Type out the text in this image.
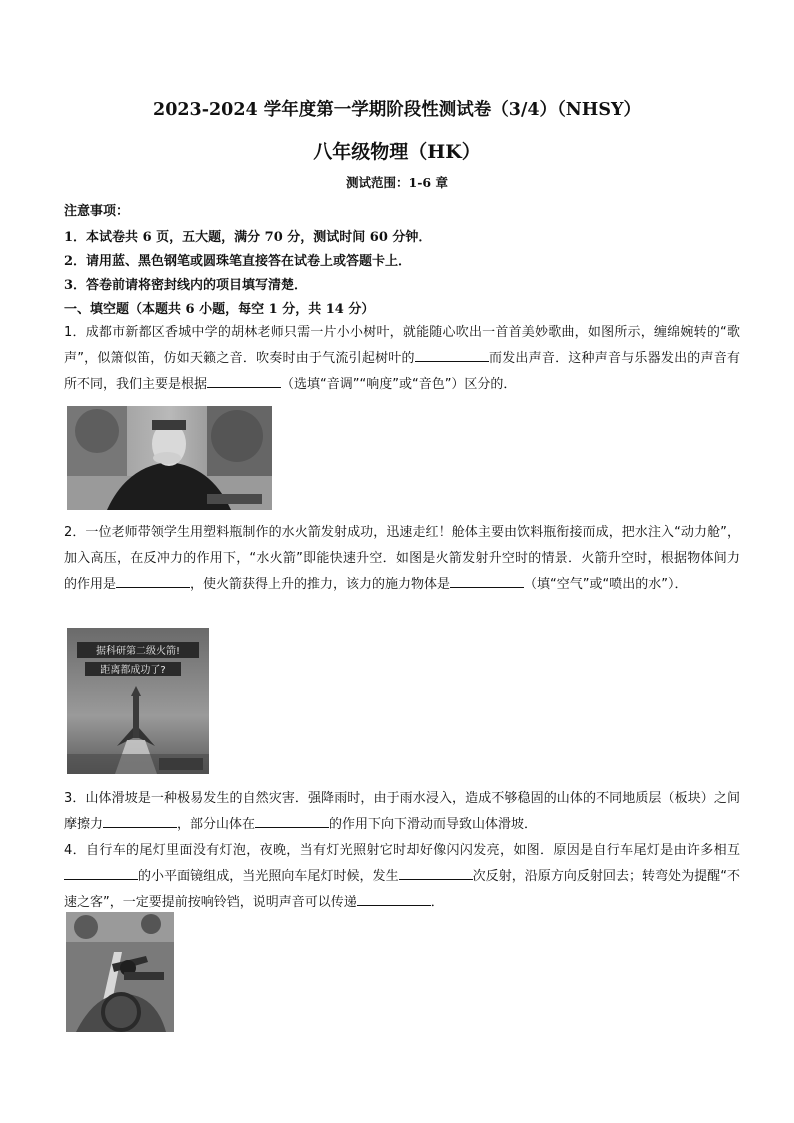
2023-2024 学年度第一学期阶段性测试卷（3/4）（NHSY）
八年级物理（HK）
测试范围：1-6 章
注意事项：
1．本试卷共 6 页，五大题，满分 70 分，测试时间 60 分钟．
2．请用蓝、黑色钢笔或圆珠笔直接答在试卷上或答题卡上．
3．答卷前请将密封线内的项目填写清楚．
一、填空题（本题共 6 小题，每空 1 分，共 14 分）
1．成都市新都区香城中学的胡林老师只需一片小小树叶，就能随心吹出一首首美妙歌曲，如图所示，缠绵婉转的“歌声”，似箫似笛，仿如天籁之音．吹奏时由于气流引起树叶的	而发出声音．这种声音与乐器发出的声音有所不同，我们主要是根据	（选填“音调”“响度”或“音色”）区分的．
2．一位老师带领学生用塑料瓶制作的水火箭发射成功，迅速走红！舱体主要由饮料瓶衔接而成，把水注入“动力舱”，加入高压，在反冲力的作用下，“水火箭”即能快速升空．如图是火箭发射升空时的情景．火箭升空时，根据物体间力的作用是	，使火箭获得上升的推力，该力的施力物体是	（填“空气”或“喷出的水”）．
据科研第二级火箭!
距离都成功了?
3．山体滑坡是一种极易发生的自然灾害．强降雨时，由于雨水浸入，造成不够稳固的山体的不同地质层（板块）之间摩擦力	，部分山体在	的作用下向下滑动而导致山体滑坡．
4．自行车的尾灯里面没有灯泡，夜晚，当有灯光照射它时却好像闪闪发亮，如图．原因是自行车尾灯是由许多相互的小平面镜组成，当光照向车尾灯时候，发生	次反射，沿原方向反射回去；转弯处为提醒“不速之客”，一定要提前按响铃铛，说明声音可以传递	．
